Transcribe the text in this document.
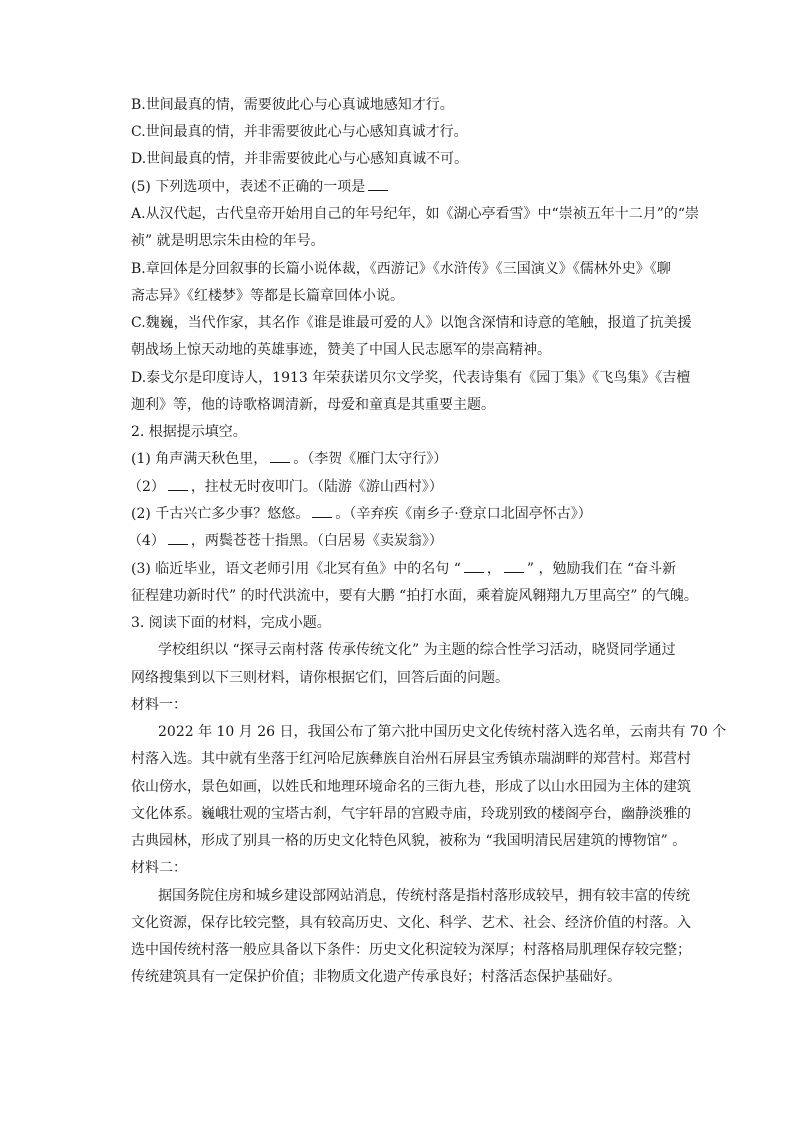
B.世间最真的情，需要彼此心与心真诚地感知才行。
C.世间最真的情，并非需要彼此心与心感知真诚才行。
D.世间最真的情，并非需要彼此心与心感知真诚不可。
(5) 下列选项中，表述不正确的一项是
A.从汉代起，古代皇帝开始用自己的年号纪年，如《湖心亭看雪》中“崇祯五年十二月”的“崇
祯” 就是明思宗朱由检的年号。
B.章回体是分回叙事的长篇小说体裁，《西游记》《水浒传》《三国演义》《儒林外史》《聊
斋志异》《红楼梦》等都是长篇章回体小说。
C.魏巍，当代作家，其名作《谁是谁最可爱的人》以饱含深情和诗意的笔触，报道了抗美援
朝战场上惊天动地的英雄事迹，赞美了中国人民志愿军的崇高精神。
D.泰戈尔是印度诗人，1913 年荣获诺贝尔文学奖，代表诗集有《园丁集》《飞鸟集》《吉檀
迦利》等，他的诗歌格调清新，母爱和童真是其重要主题。
2. 根据提示填空。
(1) 角声满天秋色里， 。（李贺《雁门太守行》）
（2） ，拄杖无时夜叩门。（陆游《游山西村》）
(2) 千古兴亡多少事？悠悠。 。（辛弃疾《南乡子·登京口北固亭怀古》）
（4） ，两鬓苍苍十指黑。（白居易《卖炭翁》）
(3) 临近毕业，语文老师引用《北冥有鱼》中的名句 “ ， ” ，勉励我们在 “奋斗新
征程建功新时代” 的时代洪流中，要有大鹏 “拍打水面，乘着旋风翱翔九万里高空” 的气魄。
3. 阅读下面的材料，完成小题。
学校组织以 “探寻云南村落 传承传统文化” 为主题的综合性学习活动，晓贤同学通过
网络搜集到以下三则材料，请你根据它们，回答后面的问题。
材料一：
2022 年 10 月 26 日，我国公布了第六批中国历史文化传统村落入选名单，云南共有 70 个
村落入选。其中就有坐落于红河哈尼族彝族自治州石屏县宝秀镇赤瑞湖畔的郑营村。郑营村
依山傍水，景色如画，以姓氏和地理环境命名的三街九巷，形成了以山水田园为主体的建筑
文化体系。巍峨壮观的宝塔古刹，气宇轩昂的宫殿寺庙，玲珑别致的楼阁亭台，幽静淡雅的
古典园林，形成了别具一格的历史文化特色风貌，被称为 “我国明清民居建筑的博物馆” 。
材料二：
据国务院住房和城乡建设部网站消息，传统村落是指村落形成较早，拥有较丰富的传统
文化资源，保存比较完整，具有较高历史、文化、科学、艺术、社会、经济价值的村落。入
选中国传统村落一般应具备以下条件：历史文化积淀较为深厚；村落格局肌理保存较完整；
传统建筑具有一定保护价值；非物质文化遗产传承良好；村落活态保护基础好。
